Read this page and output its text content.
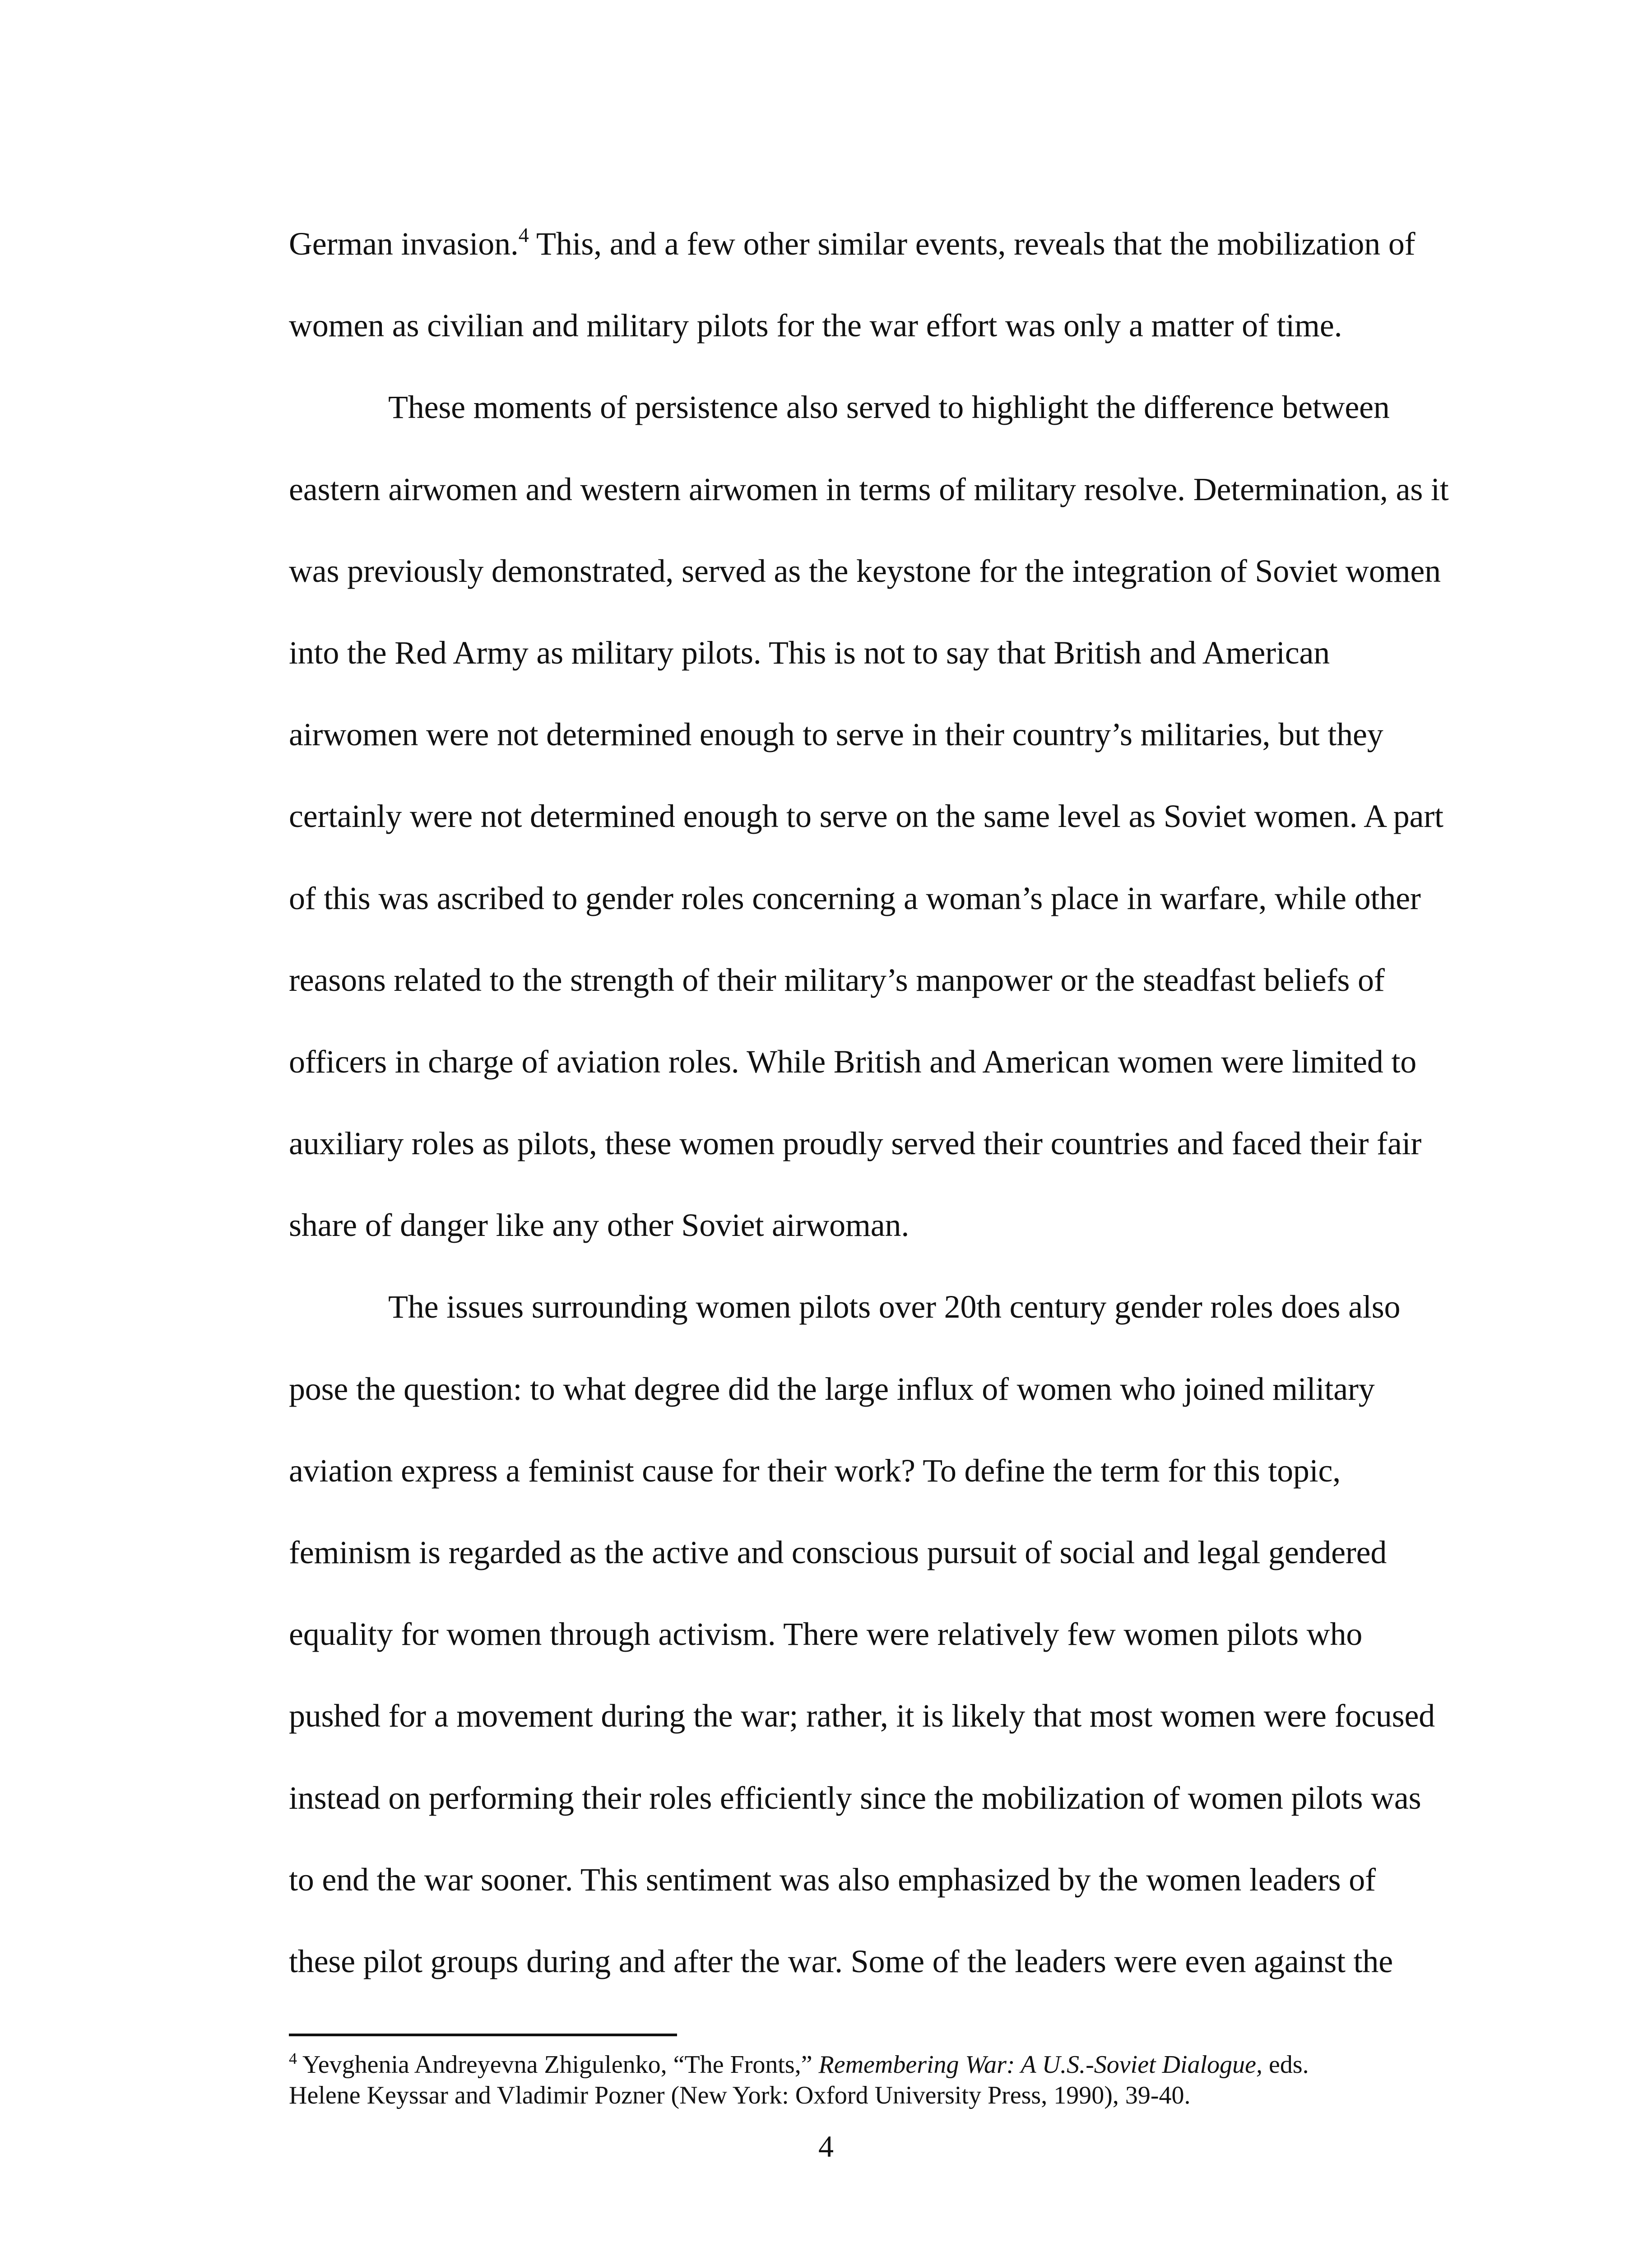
German invasion.$^4$ This, and a few other similar events, reveals that the mobilization of
women as civilian and military pilots for the war effort was only a matter of time.
These moments of persistence also served to highlight the difference between
eastern airwomen and western airwomen in terms of military resolve. Determination, as it
was previously demonstrated, served as the keystone for the integration of Soviet women
into the Red Army as military pilots. This is not to say that British and American
airwomen were not determined enough to serve in their country’s militaries, but they
certainly were not determined enough to serve on the same level as Soviet women. A part
of this was ascribed to gender roles concerning a woman’s place in warfare, while other
reasons related to the strength of their military’s manpower or the steadfast beliefs of
officers in charge of aviation roles. While British and American women were limited to
auxiliary roles as pilots, these women proudly served their countries and faced their fair
share of danger like any other Soviet airwoman.
The issues surrounding women pilots over 20th century gender roles does also
pose the question: to what degree did the large influx of women who joined military
aviation express a feminist cause for their work? To define the term for this topic,
feminism is regarded as the active and conscious pursuit of social and legal gendered
equality for women through activism. There were relatively few women pilots who
pushed for a movement during the war; rather, it is likely that most women were focused
instead on performing their roles efficiently since the mobilization of women pilots was
to end the war sooner. This sentiment was also emphasized by the women leaders of
these pilot groups during and after the war. Some of the leaders were even against the
$^4$ Yevghenia Andreyevna Zhigulenko, “The Fronts,” Remembering War: A U.S.-Soviet Dialogue, eds.
Helene Keyssar and Vladimir Pozner (New York: Oxford University Press, 1990), 39-40.
4
